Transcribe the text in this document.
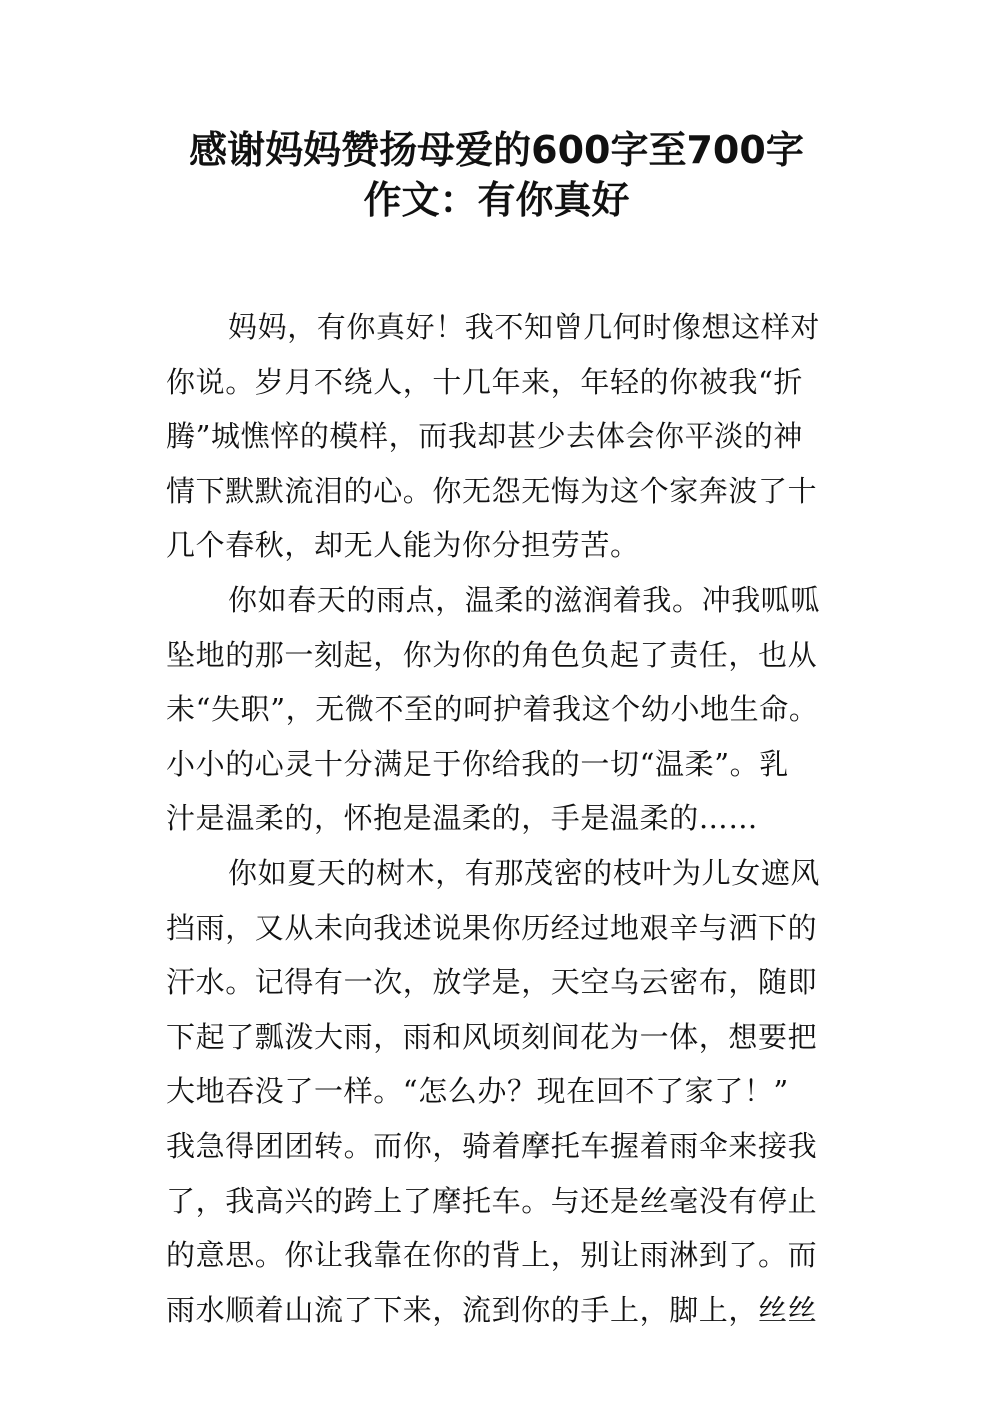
感谢妈妈赞扬母爱的600字至700字
作文：有你真好
妈妈，有你真好！我不知曾几何时像想这样对
你说。岁月不绕人，十几年来，年轻的你被我“折
腾”城憔悴的模样，而我却甚少去体会你平淡的神
情下默默流泪的心。你无怨无悔为这个家奔波了十
几个春秋，却无人能为你分担劳苦。
你如春天的雨点，温柔的滋润着我。冲我呱呱
坠地的那一刻起，你为你的角色负起了责任，也从
未“失职”，无微不至的呵护着我这个幼小地生命。
小小的心灵十分满足于你给我的一切“温柔”。乳
汁是温柔的，怀抱是温柔的，手是温柔的……
你如夏天的树木，有那茂密的枝叶为儿女遮风
挡雨，又从未向我述说果你历经过地艰辛与洒下的
汗水。记得有一次，放学是，天空乌云密布，随即
下起了瓢泼大雨，雨和风顷刻间花为一体，想要把
大地吞没了一样。“怎么办？现在回不了家了！”
我急得团团转。而你，骑着摩托车握着雨伞来接我
了，我高兴的跨上了摩托车。与还是丝毫没有停止
的意思。你让我靠在你的背上，别让雨淋到了。而
雨水顺着山流了下来，流到你的手上，脚上，丝丝
